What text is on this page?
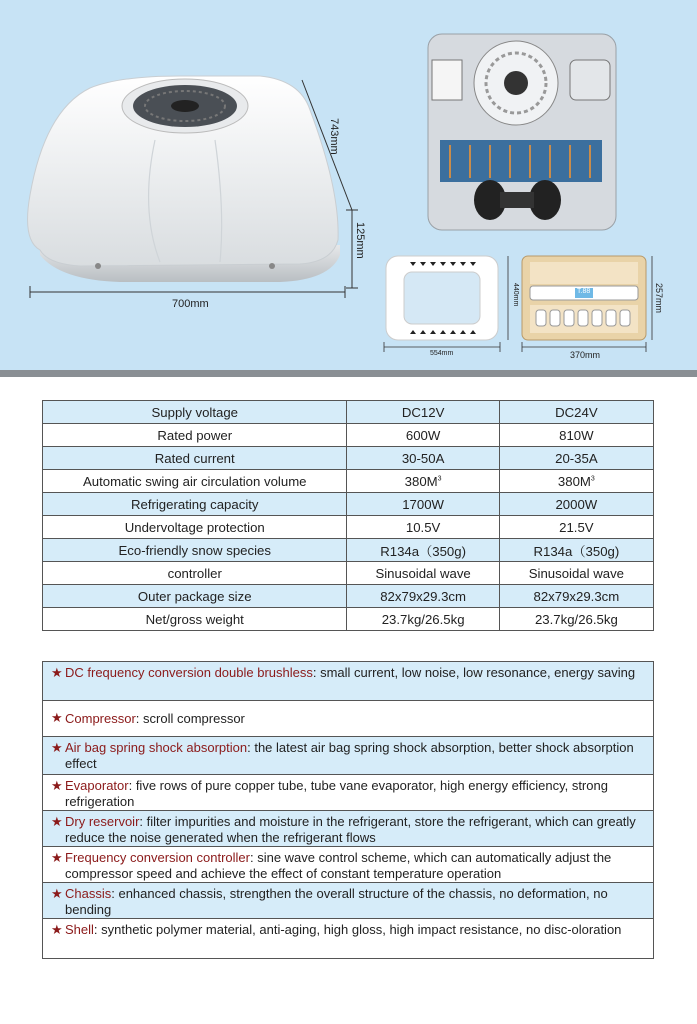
700mm
743mm
125mm
554mm
440mm
370mm
257mm
T.88
Supply voltage	DC12V	DC24V
Rated power	600W	810W
Rated current	30-50A	20-35A
Automatic swing air circulation volume	$380M^3$	$380M^3$
Refrigerating capacity	1700W	2000W
Undervoltage protection	10.5V	21.5V
Eco-friendly snow species	R134a（350g)	R134a（350g)
controller	Sinusoidal wave	Sinusoidal wave
Outer package size	82x79x29.3cm	82x79x29.3cm
Net/gross weight	23.7kg/26.5kg	23.7kg/26.5kg
★ DC frequency conversion double brushless: small current, low noise, low resonance, energy saving
★ Compressor: scroll compressor
★ Air bag spring shock absorption: the latest air bag spring shock absorption, better shock absorption effect
★ Evaporator: five rows of pure copper tube, tube vane evaporator, high energy efficiency, strong refrigeration
★ Dry reservoir: filter impurities and moisture in the refrigerant, store the refrigerant, which can greatly reduce the noise generated when the refrigerant flows
★ Frequency conversion controller: sine wave control scheme, which can automatically adjust the compressor speed and achieve the effect of constant temperature operation
★ Chassis: enhanced chassis, strengthen the overall structure of the chassis, no deformation, no bending
★ Shell: synthetic polymer material, anti-aging, high gloss, high impact resistance, no disc-oloration
